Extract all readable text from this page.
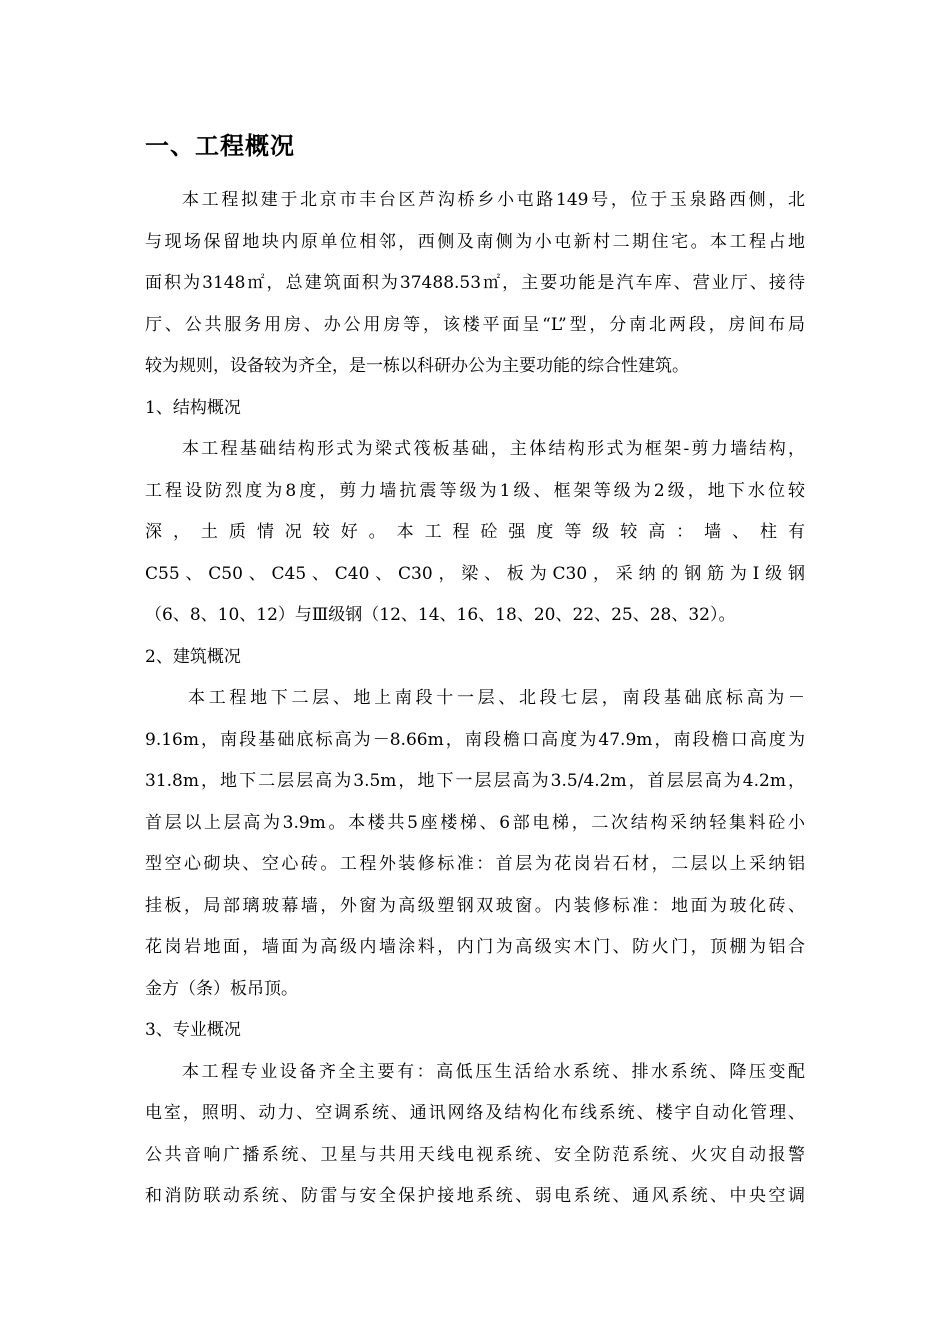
一、工程概况
本工程拟建于北京市丰台区芦沟桥乡小屯路149号，位于玉泉路西侧，北
与现场保留地块内原单位相邻，西侧及南侧为小屯新村二期住宅。本工程占地
面积为3148㎡，总建筑面积为37488.53㎡，主要功能是汽车库、营业厅、接待
厅、公共服务用房、办公用房等，该楼平面呈“L”型，分南北两段，房间布局
较为规则，设备较为齐全，是一栋以科研办公为主要功能的综合性建筑。
1、结构概况
本工程基础结构形式为梁式筏板基础，主体结构形式为框架-剪力墙结构，
工程设防烈度为8度，剪力墙抗震等级为1级、框架等级为2级，地下水位较
深，土质情况较好。本工程砼强度等级较高：墙、柱有
C55、C50、C45、C40、C30，梁、板为C30，采纳的钢筋为Ⅰ级钢
（6、8、10、12）与Ⅲ级钢（12、14、16、18、20、22、25、28、32）。
2、建筑概况
本工程地下二层、地上南段十一层、北段七层，南段基础底标高为－
9.16m，南段基础底标高为－8.66m，南段檐口高度为47.9m，南段檐口高度为
31.8m，地下二层层高为3.5m，地下一层层高为3.5/4.2m，首层层高为4.2m，
首层以上层高为3.9m。本楼共5座楼梯、6部电梯，二次结构采纳轻集料砼小
型空心砌块、空心砖。工程外装修标准：首层为花岗岩石材，二层以上采纳铝
挂板，局部璃玻幕墙，外窗为高级塑钢双玻窗。内装修标准：地面为玻化砖、
花岗岩地面，墙面为高级内墙涂料，内门为高级实木门、防火门，顶棚为铝合
金方（条）板吊顶。
3、专业概况
本工程专业设备齐全主要有：高低压生活给水系统、排水系统、降压变配
电室，照明、动力、空调系统、通讯网络及结构化布线系统、楼宇自动化管理、
公共音响广播系统、卫星与共用天线电视系统、安全防范系统、火灾自动报警
和消防联动系统、防雷与安全保护接地系统、弱电系统、通风系统、中央空调
